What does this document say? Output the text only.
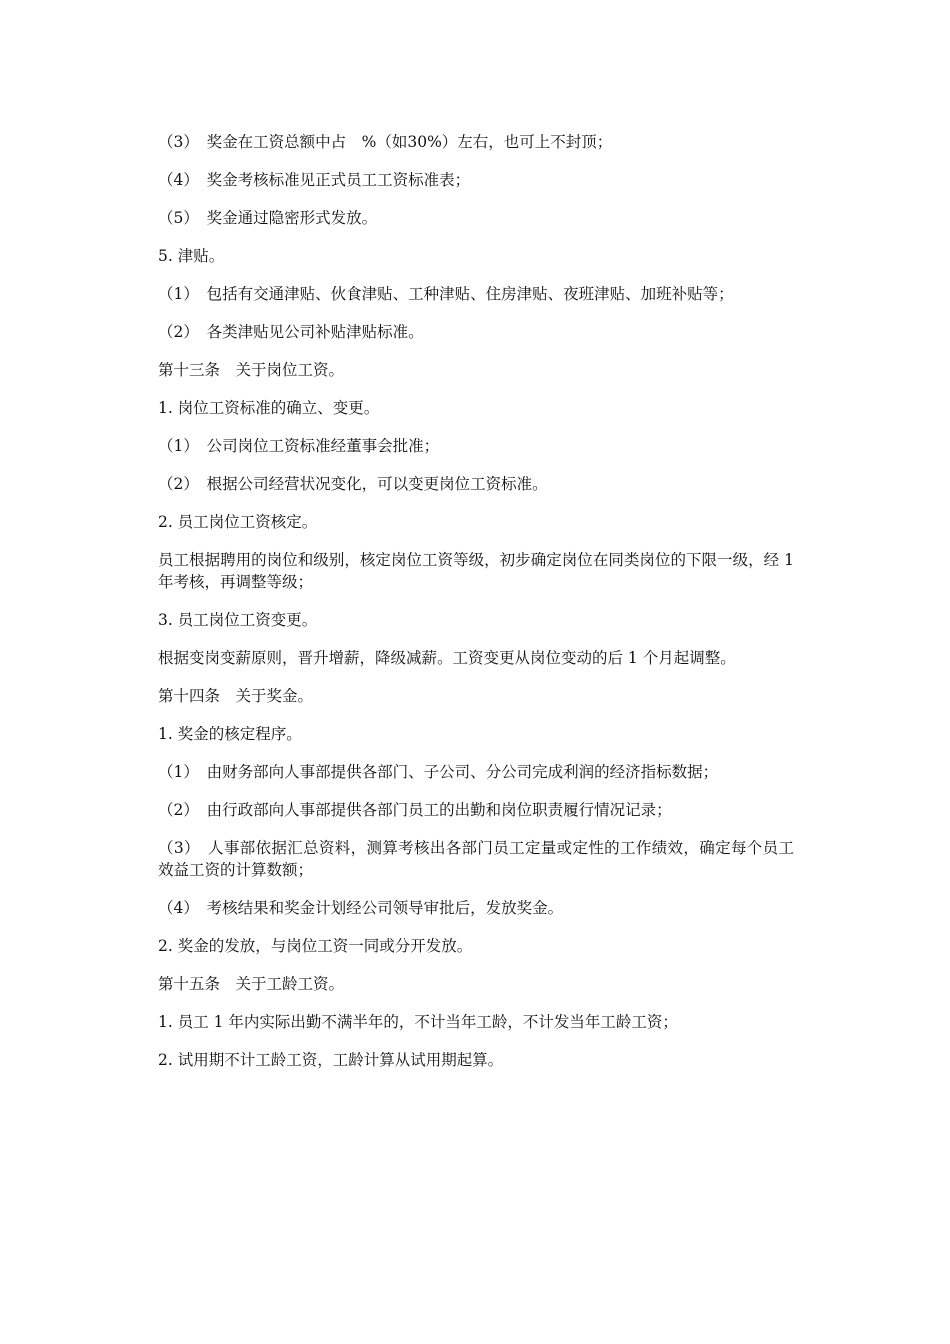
（3）　奖金在工资总额中占　%（如30%）左右，也可上不封顶；

（4）　奖金考核标准见正式员工工资标准表；

（5）　奖金通过隐密形式发放。

5. 津贴。

（1）　包括有交通津贴、伙食津贴、工种津贴、住房津贴、夜班津贴、加班补贴等；

（2）　各类津贴见公司补贴津贴标准。

第十三条　关于岗位工资。

1. 岗位工资标准的确立、变更。

（1）　公司岗位工资标准经董事会批准；

（2）　根据公司经营状况变化，可以变更岗位工资标准。

2. 员工岗位工资核定。

员工根据聘用的岗位和级别，核定岗位工资等级，初步确定岗位在同类岗位的下限一级，经 1 年考核，再调整等级；

3. 员工岗位工资变更。

根据变岗变薪原则，晋升增薪，降级减薪。工资变更从岗位变动的后 1 个月起调整。

第十四条　关于奖金。

1. 奖金的核定程序。

（1）　由财务部向人事部提供各部门、子公司、分公司完成利润的经济指标数据；

（2）　由行政部向人事部提供各部门员工的出勤和岗位职责履行情况记录；

（3）　人事部依据汇总资料，测算考核出各部门员工定量或定性的工作绩效，确定每个员工效益工资的计算数额；

（4）　考核结果和奖金计划经公司领导审批后，发放奖金。

2. 奖金的发放，与岗位工资一同或分开发放。

第十五条　关于工龄工资。

1. 员工 1 年内实际出勤不满半年的，不计当年工龄，不计发当年工龄工资；

2. 试用期不计工龄工资，工龄计算从试用期起算。
